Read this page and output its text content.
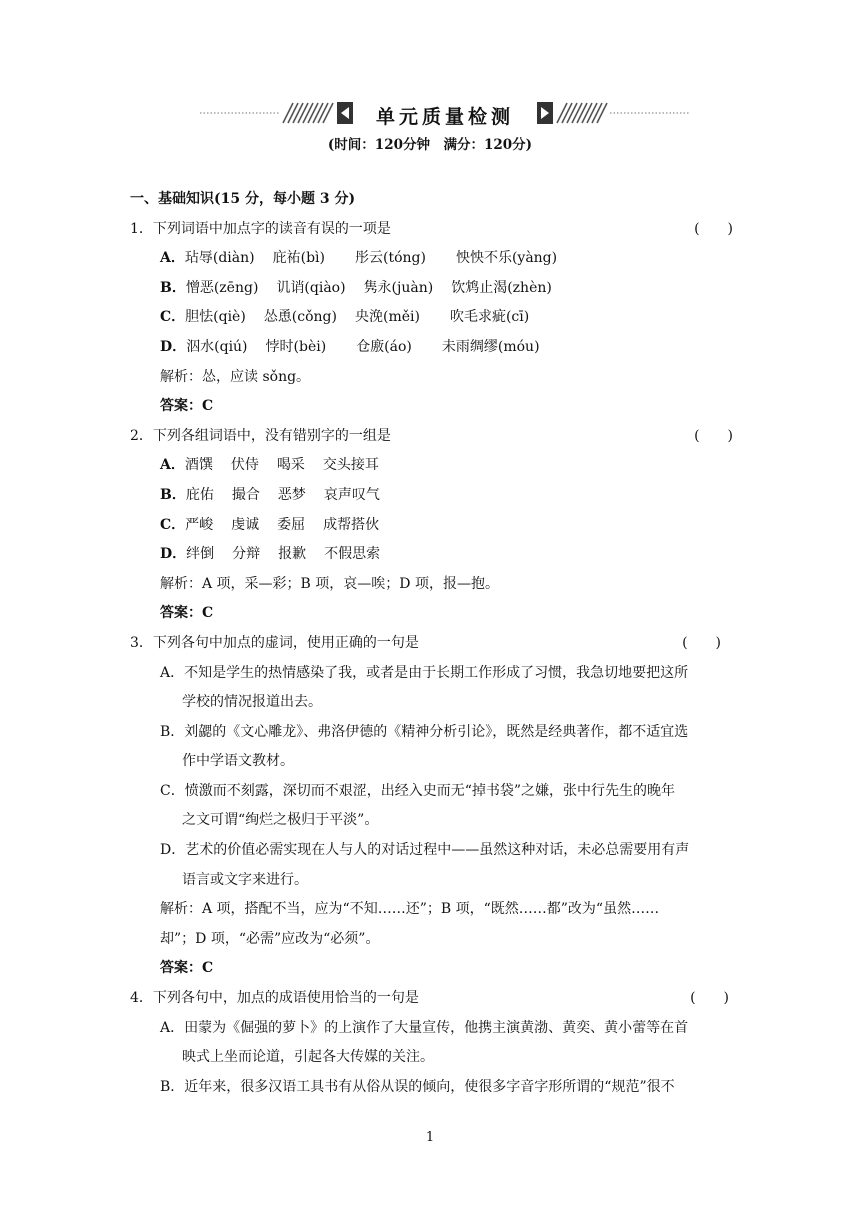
单元质量检测
(时间：120分钟　满分：120分)
一、基础知识(15 分，每小题 3 分)
1．下列词语中加点字的读音有误的一项是	(　　)
A．玷辱(diàn) 庇祐(bì) 彤云(tóng) 怏怏不乐(yàng)
B．憎恶(zēng) 讥诮(qiào) 隽永(juàn) 饮鸩止渴(zhèn)
C．胆怯(qiè) 怂恿(cǒng) 央浼(měi) 吹毛求疵(cī)
D．泅水(qiú) 悖时(bèi) 仓廒(áo) 未雨绸缪(móu)
解析：怂，应读 sǒng。
答案：C
2．下列各组词语中，没有错别字的一组是	(　　)
A．酒馔 伏侍 喝采 交头接耳
B．庇佑 撮合 恶梦 哀声叹气
C．严峻 虔诚 委屈 成帮搭伙
D．绊倒 分辩 报歉 不假思索
解析：A 项，采—彩；B 项，哀—唉；D 项，报—抱。
答案：C
3．下列各句中加点的虚词，使用正确的一句是	(　　)
A．不知是学生的热情感染了我，或者是由于长期工作形成了习惯，我急切地要把这所
学校的情况报道出去。
B．刘勰的《文心雕龙》、弗洛伊德的《精神分析引论》，既然是经典著作，都不适宜选
作中学语文教材。
C．愤激而不刻露，深切而不艰涩，出经入史而无“掉书袋”之嫌，张中行先生的晚年
之文可谓“绚烂之极归于平淡”。
D．艺术的价值必需实现在人与人的对话过程中——虽然这种对话，未必总需要用有声
语言或文字来进行。
解析：A 项，搭配不当，应为“不知……还”；B 项，“既然……都”改为“虽然……
却”；D 项，“必需”应改为“必须”。
答案：C
4．下列各句中，加点的成语使用恰当的一句是	(　　)
A．田蒙为《倔强的萝卜》的上演作了大量宣传，他携主演黄渤、黄奕、黄小蕾等在首
映式上坐而论道，引起各大传媒的关注。
B．近年来，很多汉语工具书有从俗从误的倾向，使很多字音字形所谓的“规范”很不
1
